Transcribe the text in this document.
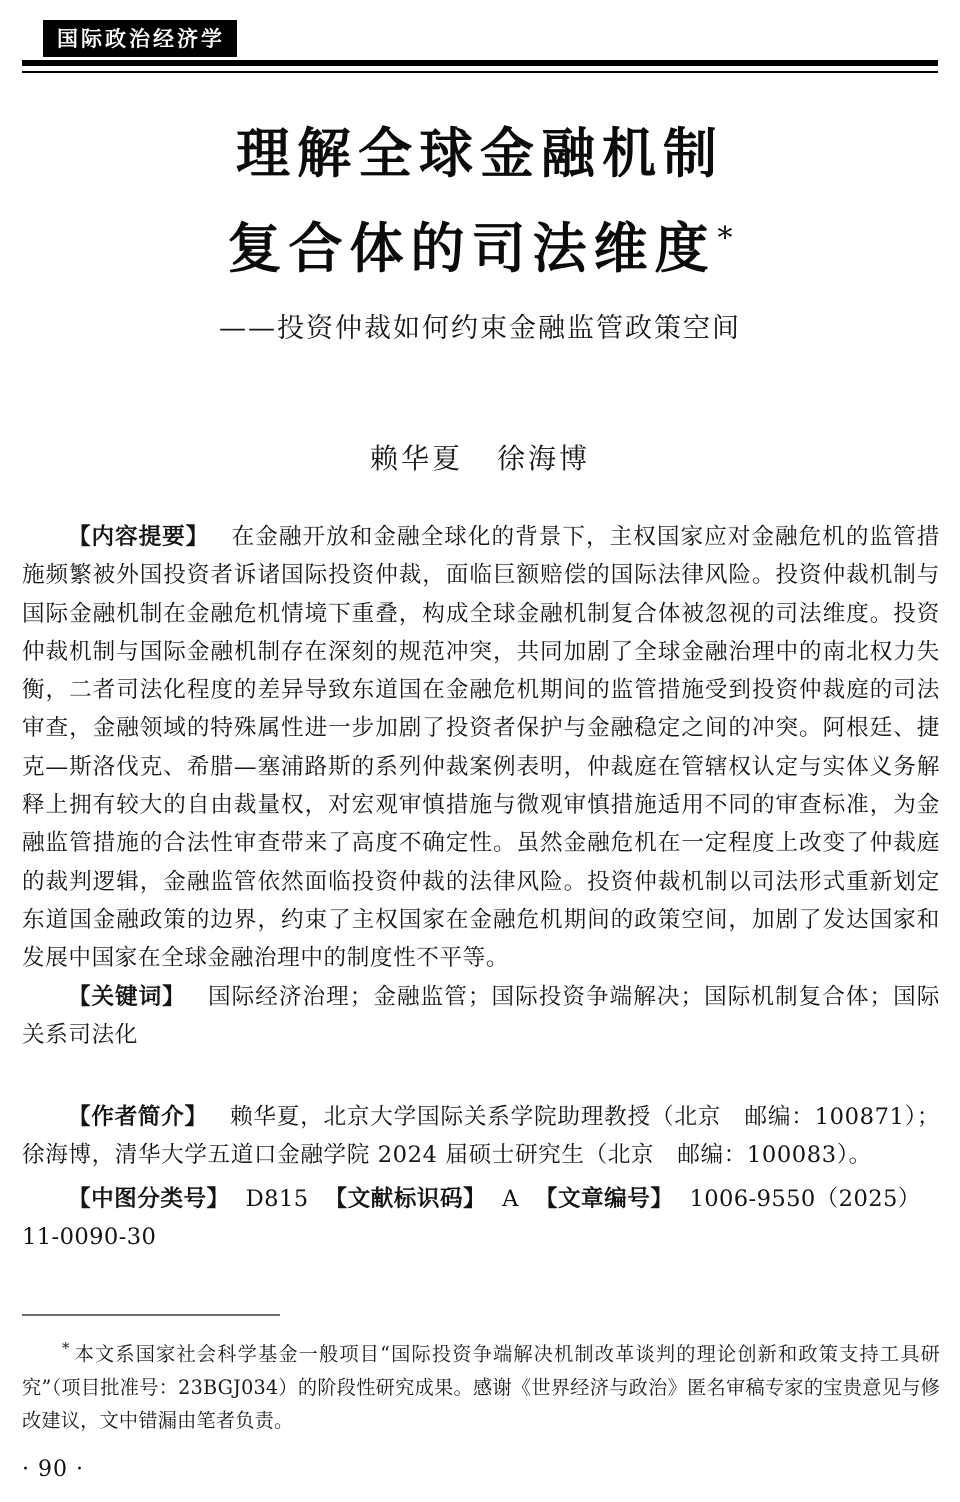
国际政治经济学
理解全球金融机制
复合体的司法维度*
——投资仲裁如何约束金融监管政策空间
赖华夏 徐海博

【内容提要】 在金融开放和金融全球化的背景下，主权国家应对金融危机的监管措施频繁被外国投资者诉诸国际投资仲裁，面临巨额赔偿的国际法律风险。投资仲裁机制与国际金融机制在金融危机情境下重叠，构成全球金融机制复合体被忽视的司法维度。投资仲裁机制与国际金融机制存在深刻的规范冲突，共同加剧了全球金融治理中的南北权力失衡，二者司法化程度的差异导致东道国在金融危机期间的监管措施受到投资仲裁庭的司法审查，金融领域的特殊属性进一步加剧了投资者保护与金融稳定之间的冲突。阿根廷、捷克—斯洛伐克、希腊—塞浦路斯的系列仲裁案例表明，仲裁庭在管辖权认定与实体义务解释上拥有较大的自由裁量权，对宏观审慎措施与微观审慎措施适用不同的审查标准，为金融监管措施的合法性审查带来了高度不确定性。虽然金融危机在一定程度上改变了仲裁庭的裁判逻辑，金融监管依然面临投资仲裁的法律风险。投资仲裁机制以司法形式重新划定东道国金融政策的边界，约束了主权国家在金融危机期间的政策空间，加剧了发达国家和发展中国家在全球金融治理中的制度性不平等。

【关键词】 国际经济治理；金融监管；国际投资争端解决；国际机制复合体；国际关系司法化

【作者简介】 赖华夏，北京大学国际关系学院助理教授（北京　邮编：100871）；徐海博，清华大学五道口金融学院 2024 届硕士研究生（北京　邮编：100083）。

【中图分类号】 D815 【文献标识码】 A 【文章编号】 1006-9550（2025）11-0090-30

* 本文系国家社会科学基金一般项目“国际投资争端解决机制改革谈判的理论创新和政策支持工具研究”（项目批准号：23BGJ034）的阶段性研究成果。感谢《世界经济与政治》匿名审稿专家的宝贵意见与修改建议，文中错漏由笔者负责。

· 90 ·
